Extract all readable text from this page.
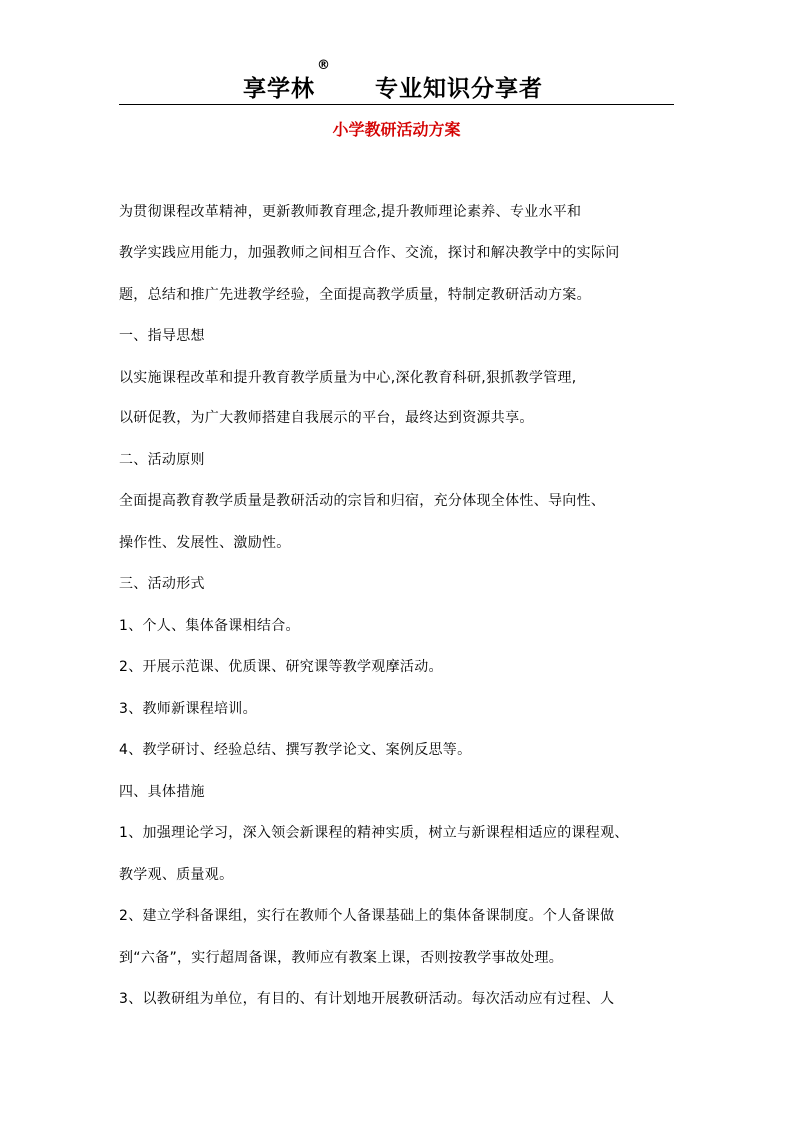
享学林
®
专业知识分享者
小学教研活动方案
为贯彻课程改革精神，更新教师教育理念,提升教师理论素养、专业水平和
教学实践应用能力，加强教师之间相互合作、交流，探讨和解决教学中的实际问
题，总结和推广先进教学经验，全面提高教学质量，特制定教研活动方案。
一、指导思想
以实施课程改革和提升教育教学质量为中心,深化教育科研,狠抓教学管理,
以研促教，为广大教师搭建自我展示的平台，最终达到资源共享。
二、活动原则
全面提高教育教学质量是教研活动的宗旨和归宿，充分体现全体性、导向性、
操作性、发展性、激励性。
三、活动形式
1、个人、集体备课相结合。
2、开展示范课、优质课、研究课等教学观摩活动。
3、教师新课程培训。
4、教学研讨、经验总结、撰写教学论文、案例反思等。
四、具体措施
1、加强理论学习，深入领会新课程的精神实质，树立与新课程相适应的课程观、
教学观、质量观。
2、建立学科备课组，实行在教师个人备课基础上的集体备课制度。个人备课做
到“六备”，实行超周备课，教师应有教案上课，否则按教学事故处理。
3、以教研组为单位，有目的、有计划地开展教研活动。每次活动应有过程、人
